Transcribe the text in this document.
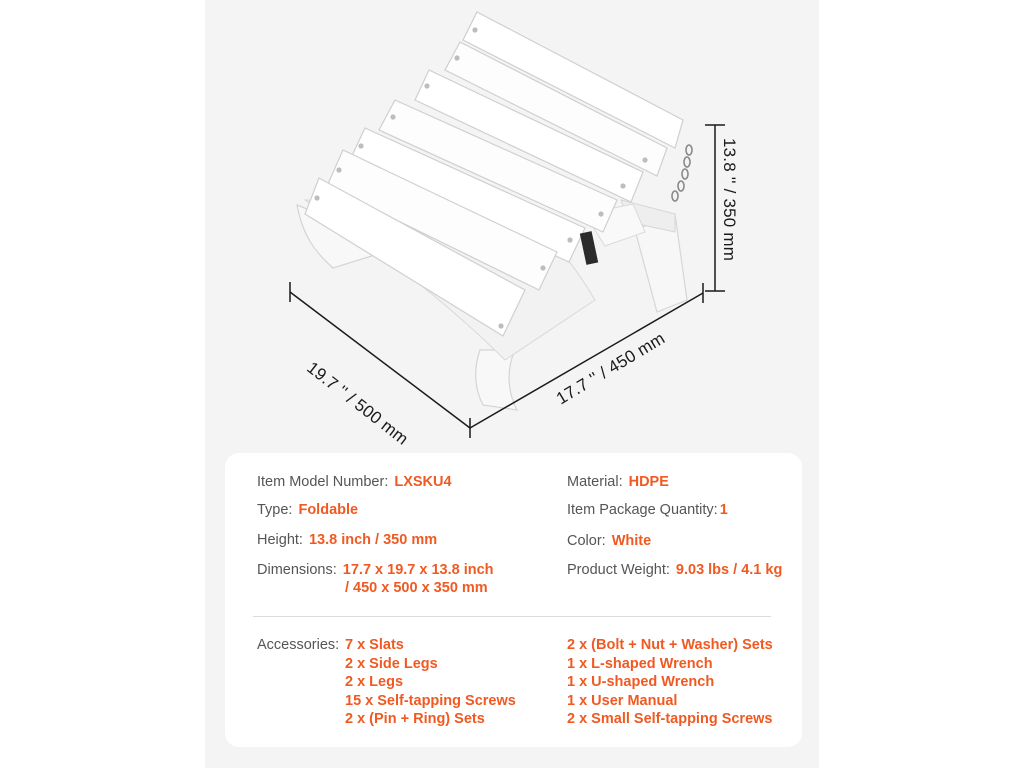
19.7 '' / 500 mm	17.7 '' / 450 mm
13.8 '' / 350 mm
Item Model Number: LXSKU4
Type: Foldable
Height: 13.8 inch / 350 mm
Dimensions: 17.7 x 19.7 x 13.8 inch
/ 450 x 500 x 350 mm
Material: HDPE
Item Package Quantity: 1
Color: White
Product Weight: 9.03 lbs / 4.1 kg
Accessories: 7 x Slats
2 x Side Legs
2 x Legs
15 x Self-tapping Screws
2 x (Pin + Ring) Sets
2 x (Bolt + Nut + Washer) Sets
1 x L-shaped Wrench
1 x U-shaped Wrench
1 x User Manual
2 x Small Self-tapping Screws
